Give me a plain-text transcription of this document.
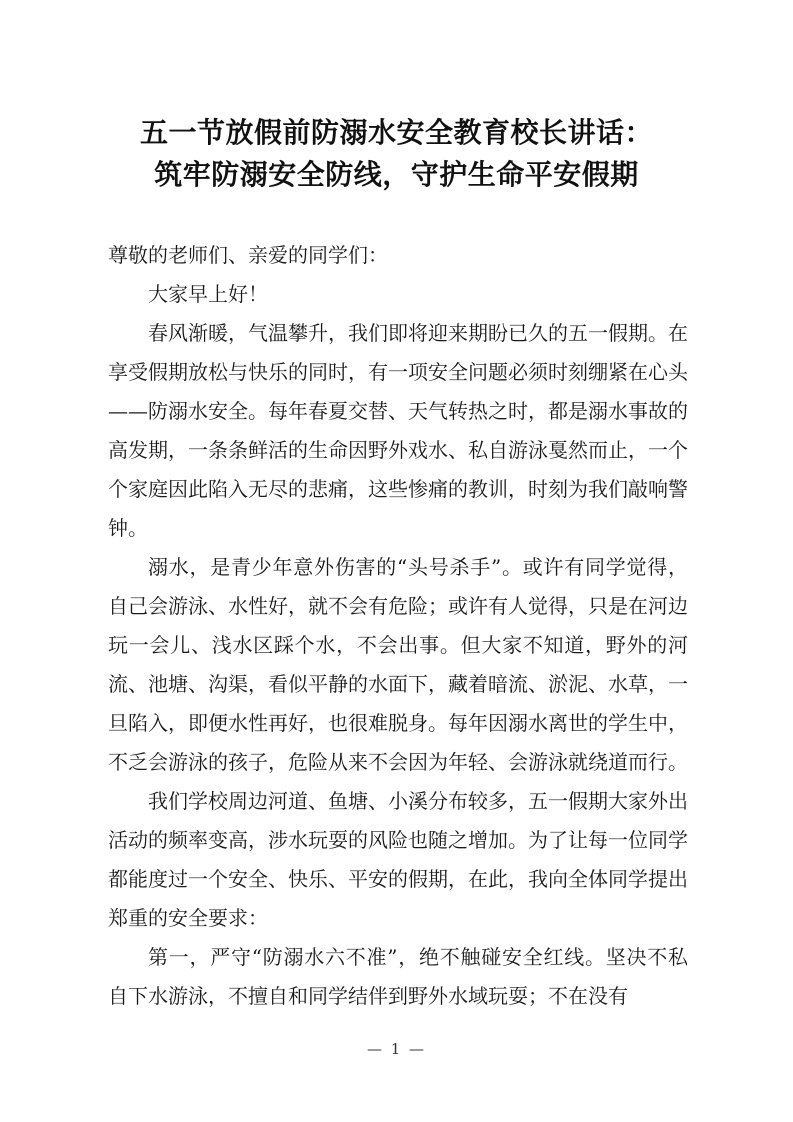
五一节放假前防溺水安全教育校长讲话：
筑牢防溺安全防线，守护生命平安假期

尊敬的老师们、亲爱的同学们：

大家早上好！

春风渐暖，气温攀升，我们即将迎来期盼已久的五一假期。在享受假期放松与快乐的同时，有一项安全问题必须时刻绷紧在心头——防溺水安全。每年春夏交替、天气转热之时，都是溺水事故的高发期，一条条鲜活的生命因野外戏水、私自游泳戛然而止，一个个家庭因此陷入无尽的悲痛，这些惨痛的教训，时刻为我们敲响警钟。

溺水，是青少年意外伤害的“头号杀手”。或许有同学觉得，自己会游泳、水性好，就不会有危险；或许有人觉得，只是在河边玩一会儿、浅水区踩个水，不会出事。但大家不知道，野外的河流、池塘、沟渠，看似平静的水面下，藏着暗流、淤泥、水草，一旦陷入，即便水性再好，也很难脱身。每年因溺水离世的学生中，不乏会游泳的孩子，危险从来不会因为年轻、会游泳就绕道而行。

我们学校周边河道、鱼塘、小溪分布较多，五一假期大家外出活动的频率变高，涉水玩耍的风险也随之增加。为了让每一位同学都能度过一个安全、快乐、平安的假期，在此，我向全体同学提出郑重的安全要求：

第一，严守“防溺水六不准”，绝不触碰安全红线。坚决不私自下水游泳，不擅自和同学结伴到野外水域玩耍；不在没有

— 1 —
